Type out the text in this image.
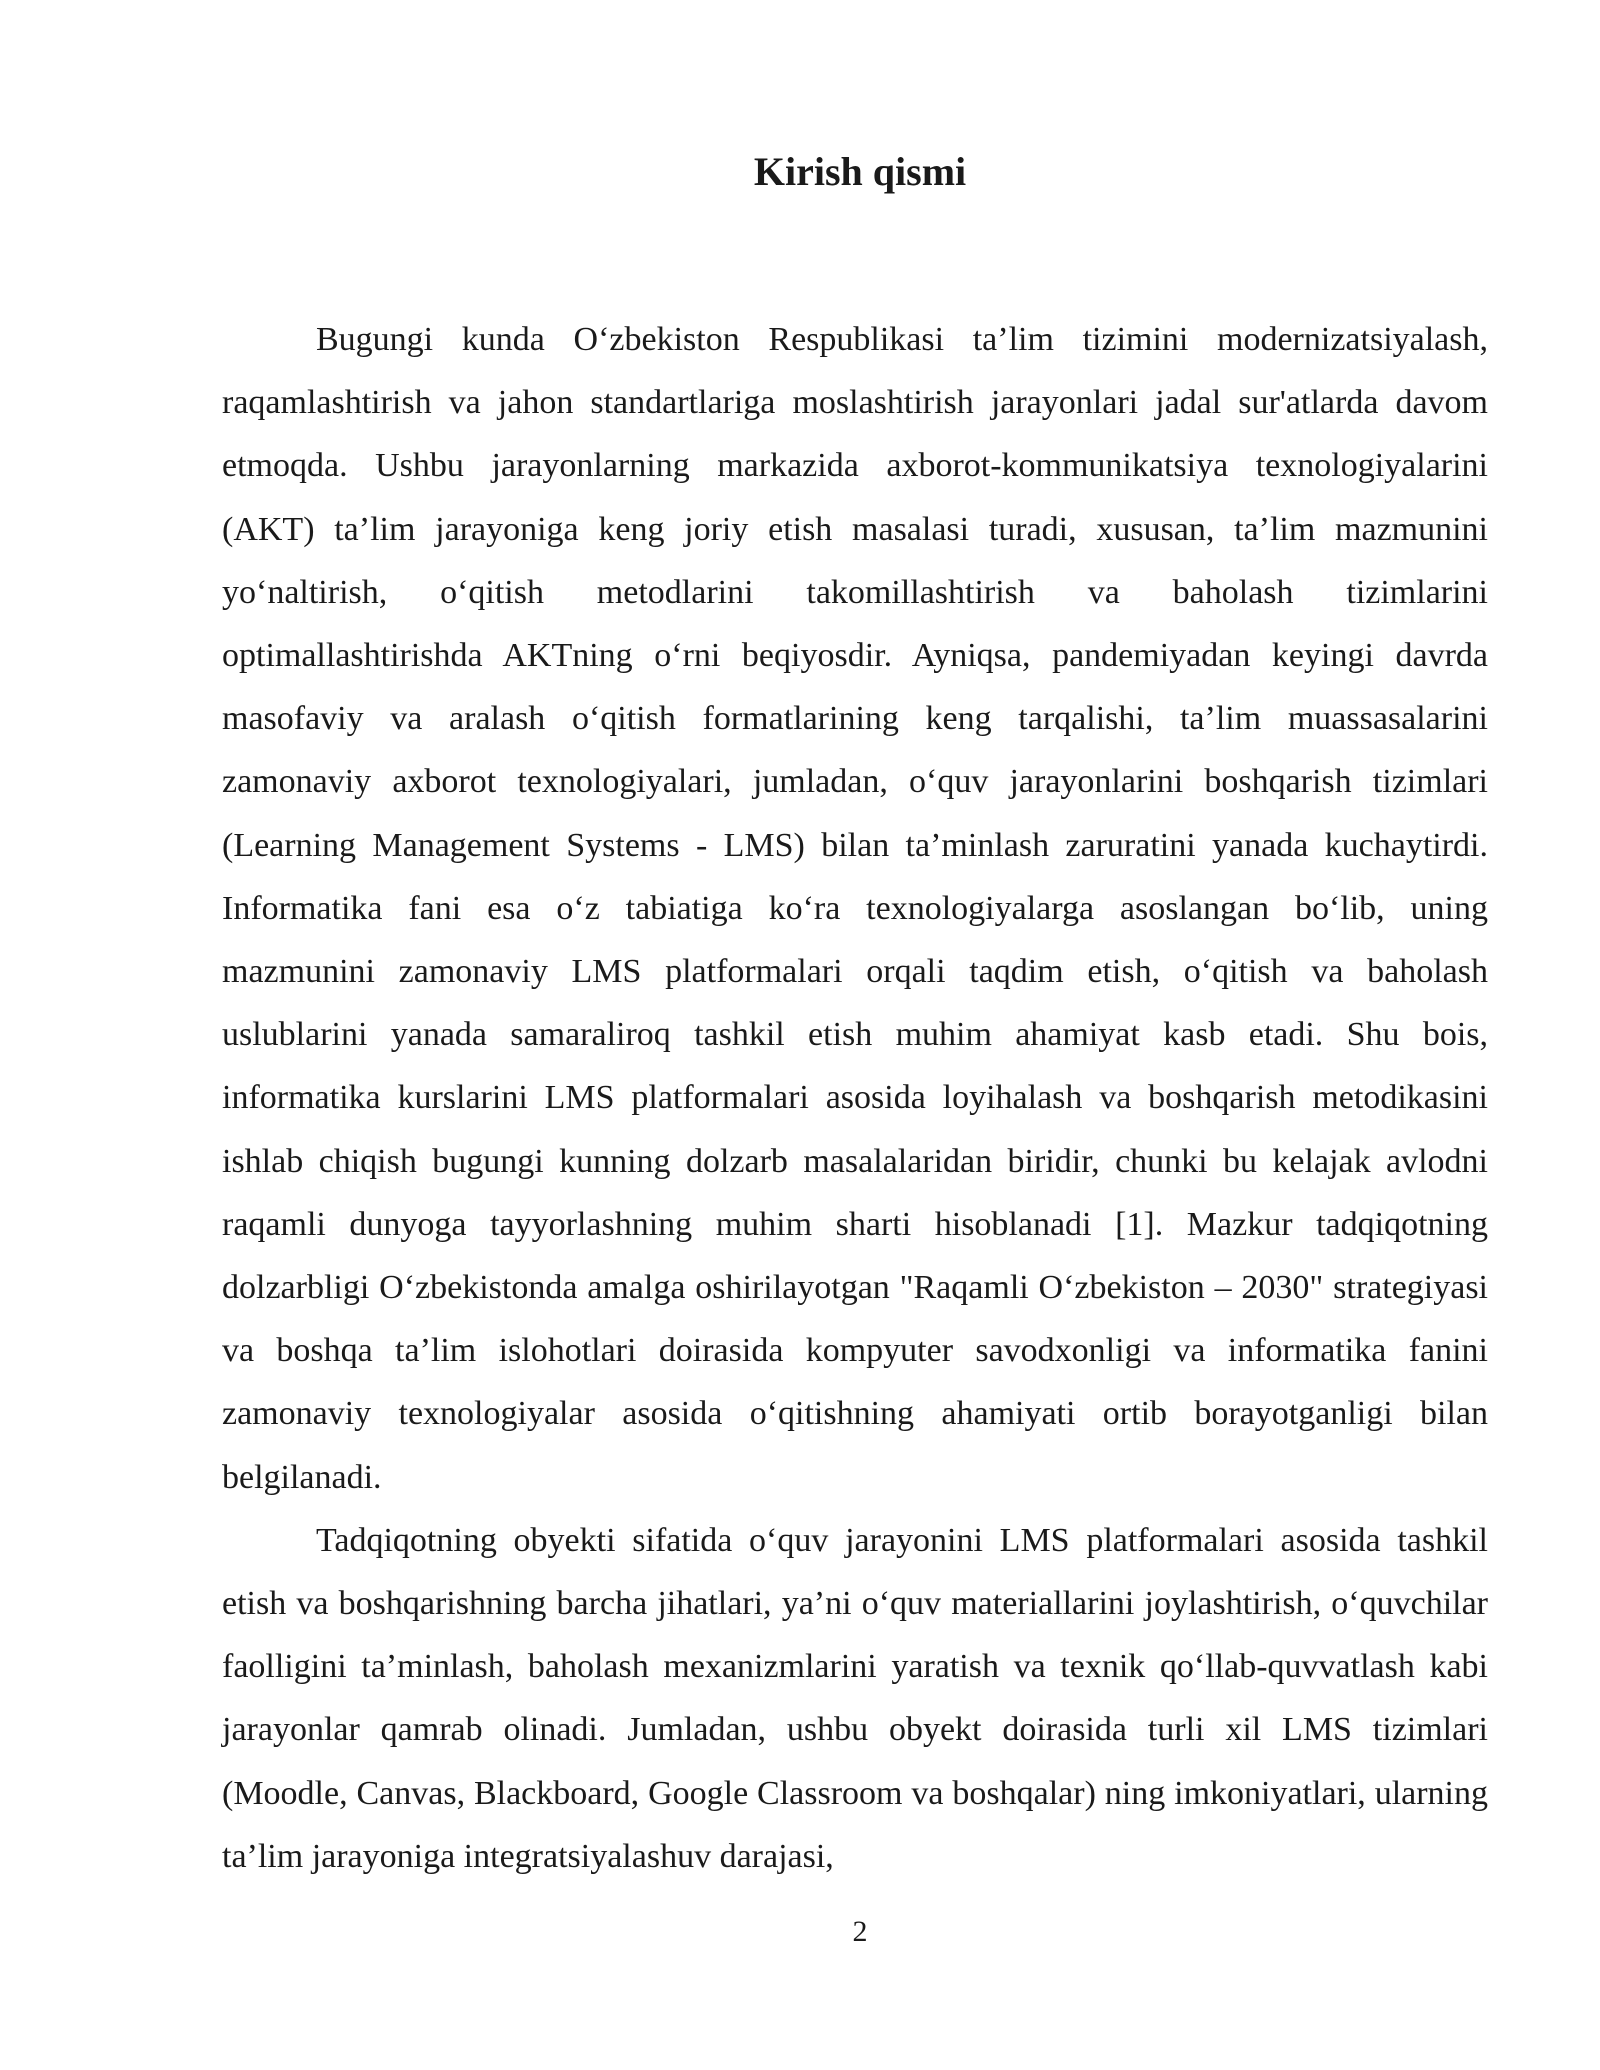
Kirish qismi

Bugungi kunda O‘zbekiston Respublikasi ta’lim tizimini modernizatsiyalash, raqamlashtirish va jahon standartlariga moslashtirish jarayonlari jadal sur'atlarda davom etmoqda. Ushbu jarayonlarning markazida axborot-kommunikatsiya texnologiyalarini (AKT) ta’lim jarayoniga keng joriy etish masalasi turadi, xususan, ta’lim mazmunini yo‘naltirish, o‘qitish metodlarini takomillashtirish va baholash tizimlarini optimallashtirishda AKTning o‘rni beqiyosdir. Ayniqsa, pandemiyadan keyingi davrda masofaviy va aralash o‘qitish formatlarining keng tarqalishi, ta’lim muassasalarini zamonaviy axborot texnologiyalari, jumladan, o‘quv jarayonlarini boshqarish tizimlari (Learning Management Systems - LMS) bilan ta’minlash zaruratini yanada kuchaytirdi. Informatika fani esa o‘z tabiatiga ko‘ra texnologiyalarga asoslangan bo‘lib, uning mazmunini zamonaviy LMS platformalari orqali taqdim etish, o‘qitish va baholash uslublarini yanada samaraliroq tashkil etish muhim ahamiyat kasb etadi. Shu bois, informatika kurslarini LMS platformalari asosida loyihalash va boshqarish metodikasini ishlab chiqish bugungi kunning dolzarb masalalaridan biridir, chunki bu kelajak avlodni raqamli dunyoga tayyorlashning muhim sharti hisoblanadi [1]. Mazkur tadqiqotning dolzarbligi O‘zbekistonda amalga oshirilayotgan "Raqamli O‘zbekiston – 2030" strategiyasi va boshqa ta’lim islohotlari doirasida kompyuter savodxonligi va informatika fanini zamonaviy texnologiyalar asosida o‘qitishning ahamiyati ortib borayotganligi bilan belgilanadi.

Tadqiqotning obyekti sifatida o‘quv jarayonini LMS platformalari asosida tashkil etish va boshqarishning barcha jihatlari, ya’ni o‘quv materiallarini joylashtirish, o‘quvchilar faolligini ta’minlash, baholash mexanizmlarini yaratish va texnik qo‘llab-quvvatlash kabi jarayonlar qamrab olinadi. Jumladan, ushbu obyekt doirasida turli xil LMS tizimlari (Moodle, Canvas, Blackboard, Google Classroom va boshqalar) ning imkoniyatlari, ularning ta’lim jarayoniga integratsiyalashuv darajasi,

2
